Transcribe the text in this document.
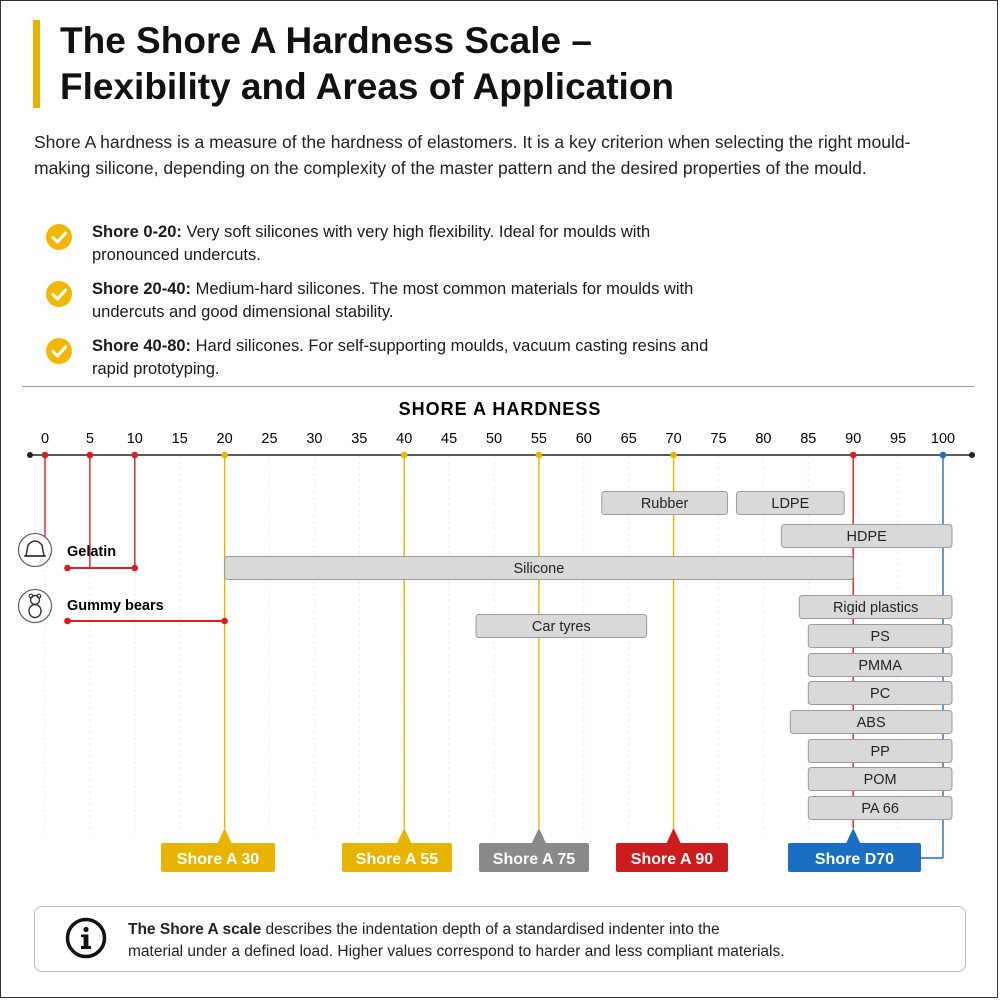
The Shore A Hardness Scale –
Flexibility and Areas of Application
Shore A hardness is a measure of the hardness of elastomers. It is a key criterion when selecting the right mould-making silicone, depending on the complexity of the master pattern and the desired properties of the mould.
Shore 0-20: Very soft silicones with very high flexibility. Ideal for moulds with
pronounced undercuts.
Shore 20-40: Medium-hard silicones. The most common materials for moulds with
undercuts and good dimensional stability.
Shore 40-80: Hard silicones. For self-supporting moulds, vacuum casting resins and
rapid prototyping.
SHORE A HARDNESS
0	5 10 15 20 25 30 35 40 45 50 55 60 65 70 75 80 85 90 95 100
Rubber	LDPE
HDPE
Silicone
Rigid plastics
Car tyres
PS
PMMA
PC
ABS
PP
POM
PA 66
Gelatin
Gummy bears
Shore A 30	Shore A 55	Shore A 75	Shore A 90	Shore D70
The Shore A scale describes the indentation depth of a standardised indenter into the
material under a defined load. Higher values correspond to harder and less compliant materials.
